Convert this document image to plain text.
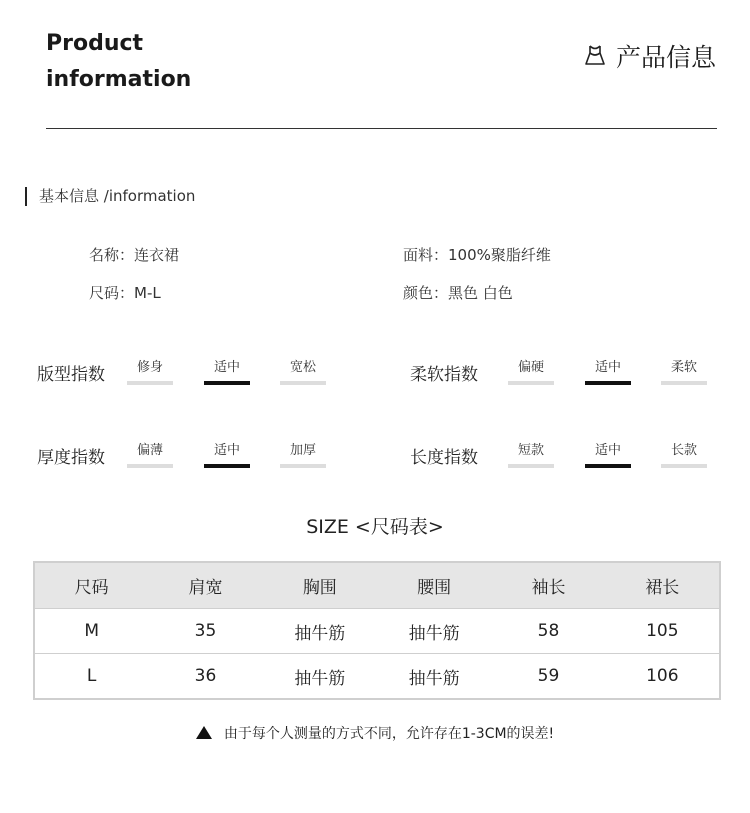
Product
information
产品信息
基本信息 /information
名称：连衣裙	面料：100%聚脂纤维
尺码：M-L	颜色：黑色 白色
版型指数	修身	适中	宽松	柔软指数	偏硬	适中	柔软
厚度指数	偏薄	适中	加厚	长度指数	短款	适中	长款
SIZE <尺码表>
尺码	肩宽	胸围	腰围	袖长	裙长
M	35	抽牛筋	抽牛筋	58	105
L	36	抽牛筋	抽牛筋	59	106
由于每个人测量的方式不同，允许存在1-3CM的误差!
